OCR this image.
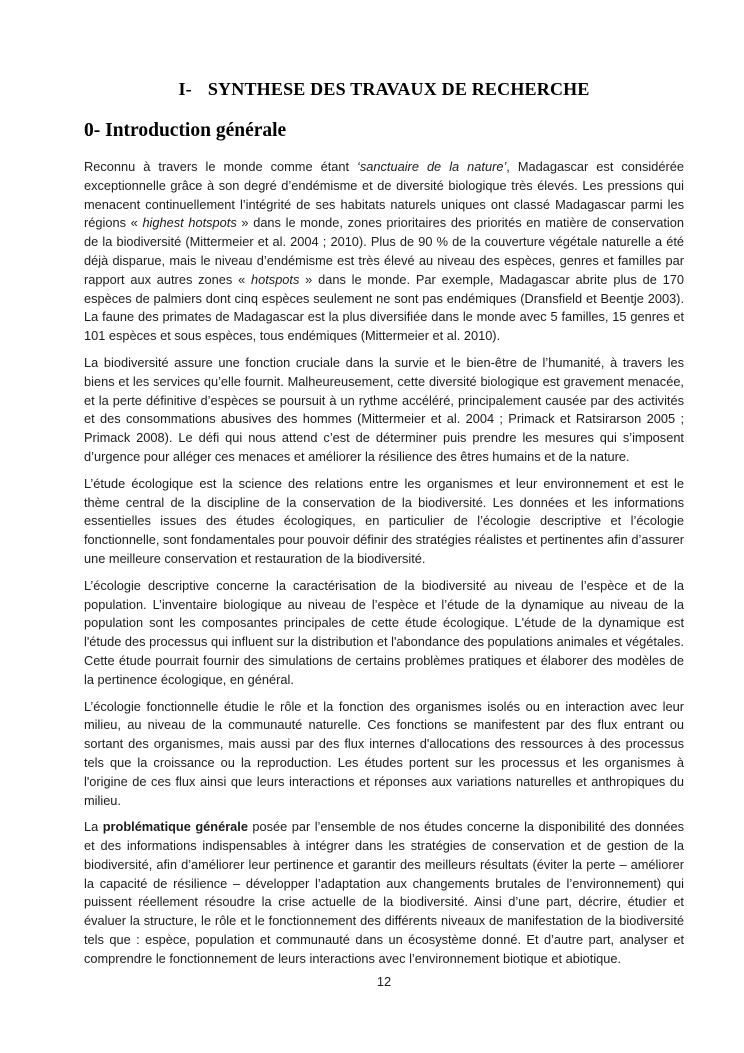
I- SYNTHESE DES TRAVAUX DE RECHERCHE
0- Introduction générale

Reconnu à travers le monde comme étant ‘sanctuaire de la nature’, Madagascar est considérée exceptionnelle grâce à son degré d’endémisme et de diversité biologique très élevés. Les pressions qui menacent continuellement l’intégrité de ses habitats naturels uniques ont classé Madagascar parmi les régions « highest hotspots » dans le monde, zones prioritaires des priorités en matière de conservation de la biodiversité (Mittermeier et al. 2004 ; 2010). Plus de 90 % de la couverture végétale naturelle a été déjà disparue, mais le niveau d’endémisme est très élevé au niveau des espèces, genres et familles par rapport aux autres zones « hotspots » dans le monde. Par exemple, Madagascar abrite plus de 170 espèces de palmiers dont cinq espèces seulement ne sont pas endémiques (Dransfield et Beentje 2003). La faune des primates de Madagascar est la plus diversifiée dans le monde avec 5 familles, 15 genres et 101 espèces et sous espèces, tous endémiques (Mittermeier et al. 2010).

La biodiversité assure une fonction cruciale dans la survie et le bien-être de l’humanité, à travers les biens et les services qu’elle fournit. Malheureusement, cette diversité biologique est gravement menacée, et la perte définitive d’espèces se poursuit à un rythme accéléré, principalement causée par des activités et des consommations abusives des hommes (Mittermeier et al. 2004 ; Primack et Ratsirarson 2005 ; Primack 2008). Le défi qui nous attend c’est de déterminer puis prendre les mesures qui s’imposent d’urgence pour alléger ces menaces et améliorer la résilience des êtres humains et de la nature.

L’étude écologique est la science des relations entre les organismes et leur environnement et est le thème central de la discipline de la conservation de la biodiversité. Les données et les informations essentielles issues des études écologiques, en particulier de l’écologie descriptive et l’écologie fonctionnelle, sont fondamentales pour pouvoir définir des stratégies réalistes et pertinentes afin d’assurer une meilleure conservation et restauration de la biodiversité.

L’écologie descriptive concerne la caractérisation de la biodiversité au niveau de l’espèce et de la population. L’inventaire biologique au niveau de l’espèce et l’étude de la dynamique au niveau de la population sont les composantes principales de cette étude écologique. L'étude de la dynamique est l'étude des processus qui influent sur la distribution et l'abondance des populations animales et végétales. Cette étude pourrait fournir des simulations de certains problèmes pratiques et élaborer des modèles de la pertinence écologique, en général.

L’écologie fonctionnelle étudie le rôle et la fonction des organismes isolés ou en interaction avec leur milieu, au niveau de la communauté naturelle. Ces fonctions se manifestent par des flux entrant ou sortant des organismes, mais aussi par des flux internes d'allocations des ressources à des processus tels que la croissance ou la reproduction. Les études portent sur les processus et les organismes à l'origine de ces flux ainsi que leurs interactions et réponses aux variations naturelles et anthropiques du milieu.

La problématique générale posée par l’ensemble de nos études concerne la disponibilité des données et des informations indispensables à intégrer dans les stratégies de conservation et de gestion de la biodiversité, afin d’améliorer leur pertinence et garantir des meilleurs résultats (éviter la perte – améliorer la capacité de résilience – développer l’adaptation aux changements brutales de l’environnement) qui puissent réellement résoudre la crise actuelle de la biodiversité. Ainsi d’une part, décrire, étudier et évaluer la structure, le rôle et le fonctionnement des différents niveaux de manifestation de la biodiversité tels que : espèce, population et communauté dans un écosystème donné. Et d’autre part, analyser et comprendre le fonctionnement de leurs interactions avec l’environnement biotique et abiotique.

12
